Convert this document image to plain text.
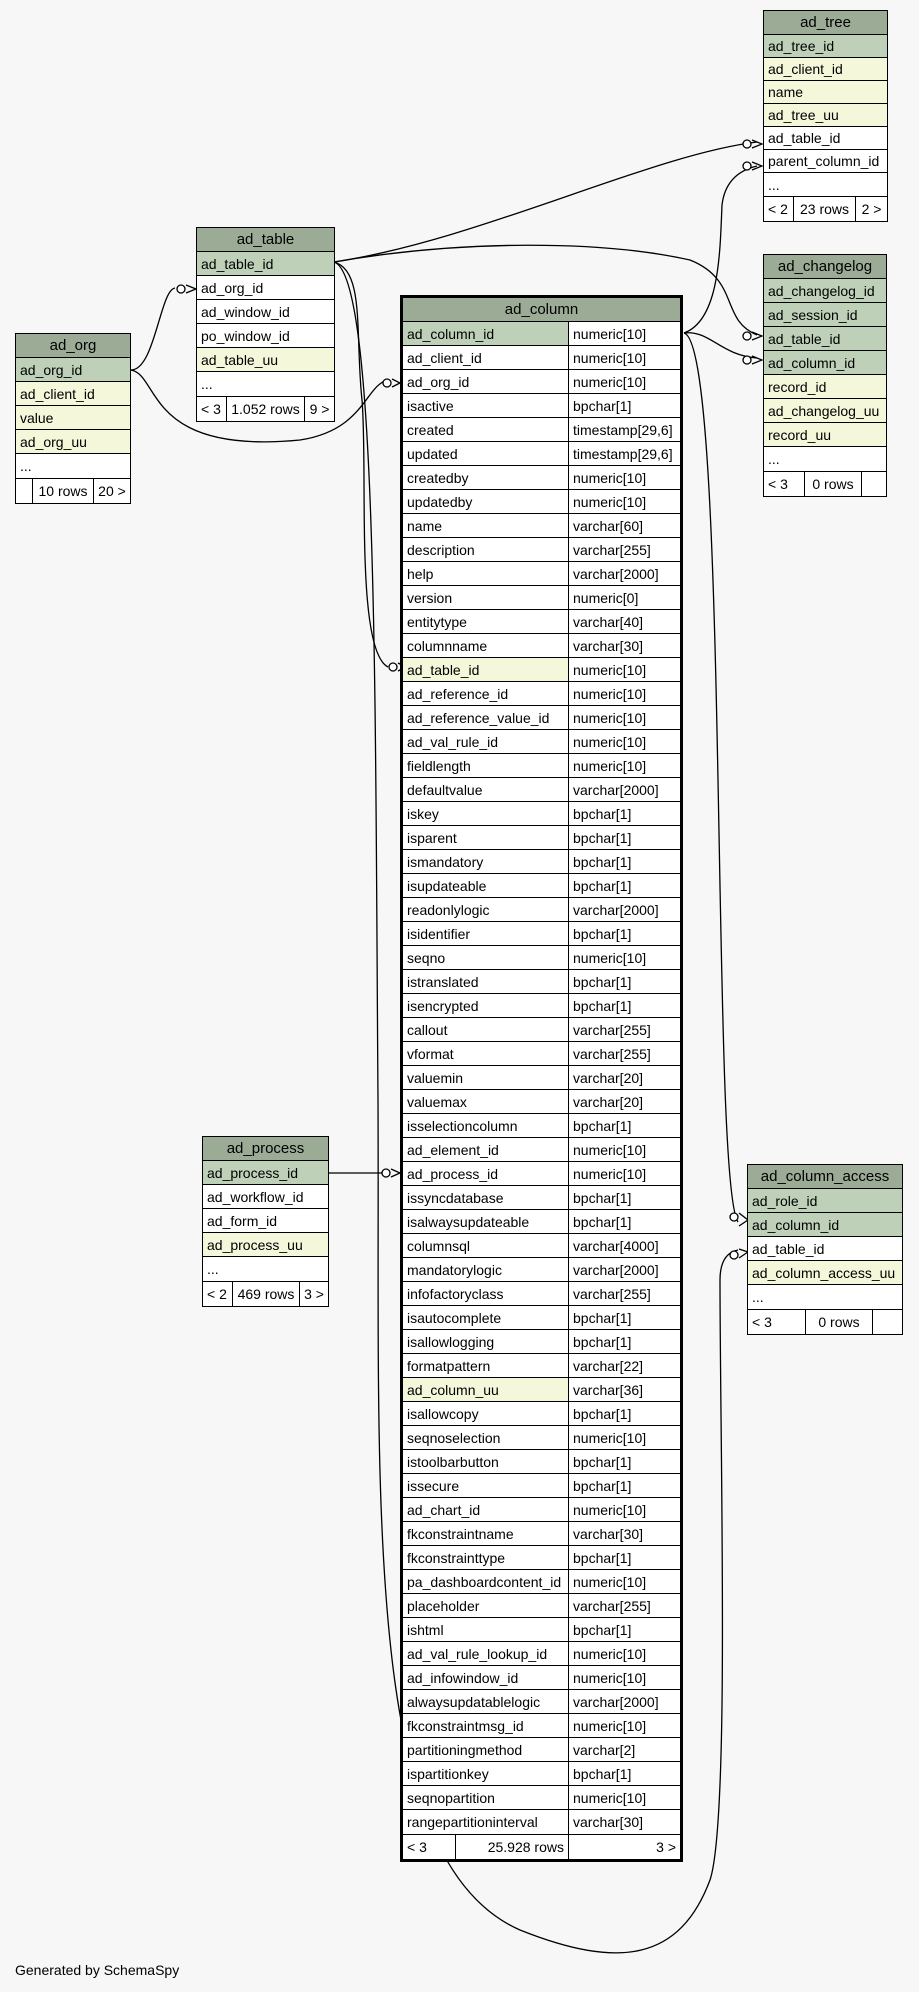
ad_tree
ad_tree_id
ad_client_id
name
ad_tree_uu
ad_table_id
parent_column_id
...
< 2 23 rows 2 >
ad_table
ad_table_id
ad_org_id
ad_window_id
po_window_id
ad_table_uu
...
< 3 1.052 rows 9 >
ad_org
ad_org_id
ad_client_id
value
ad_org_uu
...
10 rows 20 >
ad_changelog
ad_changelog_id
ad_session_id
ad_table_id
ad_column_id
record_id
ad_changelog_uu
record_uu
...
< 3	0 rows
ad_process
ad_process_id
ad_workflow_id
ad_form_id
ad_process_uu
...
< 2 469 rows 3 >
ad_column_access
ad_role_id
ad_column_id
ad_table_id
ad_column_access_uu
...
< 3	0 rows
ad_column
ad_column_id	numeric[10]
ad_client_id	numeric[10]
ad_org_id	numeric[10]
isactive	bpchar[1]
created	timestamp[29,6]
updated	timestamp[29,6]
createdby	numeric[10]
updatedby	numeric[10]
name	varchar[60]
description	varchar[255]
help	varchar[2000]
version	numeric[0]
entitytype	varchar[40]
columnname	varchar[30]
ad_table_id	numeric[10]
ad_reference_id	numeric[10]
ad_reference_value_id	numeric[10]
ad_val_rule_id	numeric[10]
fieldlength	numeric[10]
defaultvalue	varchar[2000]
iskey	bpchar[1]
isparent	bpchar[1]
ismandatory	bpchar[1]
isupdateable	bpchar[1]
readonlylogic	varchar[2000]
isidentifier	bpchar[1]
seqno	numeric[10]
istranslated	bpchar[1]
isencrypted	bpchar[1]
callout	varchar[255]
vformat	varchar[255]
valuemin	varchar[20]
valuemax	varchar[20]
isselectioncolumn	bpchar[1]
ad_element_id	numeric[10]
ad_process_id	numeric[10]
issyncdatabase	bpchar[1]
isalwaysupdateable	bpchar[1]
columnsql	varchar[4000]
mandatorylogic	varchar[2000]
infofactoryclass	varchar[255]
isautocomplete	bpchar[1]
isallowlogging	bpchar[1]
formatpattern	varchar[22]
ad_column_uu	varchar[36]
isallowcopy	bpchar[1]
seqnoselection	numeric[10]
istoolbarbutton	bpchar[1]
issecure	bpchar[1]
ad_chart_id	numeric[10]
fkconstraintname	varchar[30]
fkconstrainttype	bpchar[1]
pa_dashboardcontent_id numeric[10]
placeholder	varchar[255]
ishtml	bpchar[1]
ad_val_rule_lookup_id	numeric[10]
ad_infowindow_id	numeric[10]
alwaysupdatablelogic	varchar[2000]
fkconstraintmsg_id	numeric[10]
partitioningmethod	varchar[2]
ispartitionkey	bpchar[1]
seqnopartition	numeric[10]
rangepartitioninterval	varchar[30]
< 3	25.928 rows	3 >
Generated by SchemaSpy
